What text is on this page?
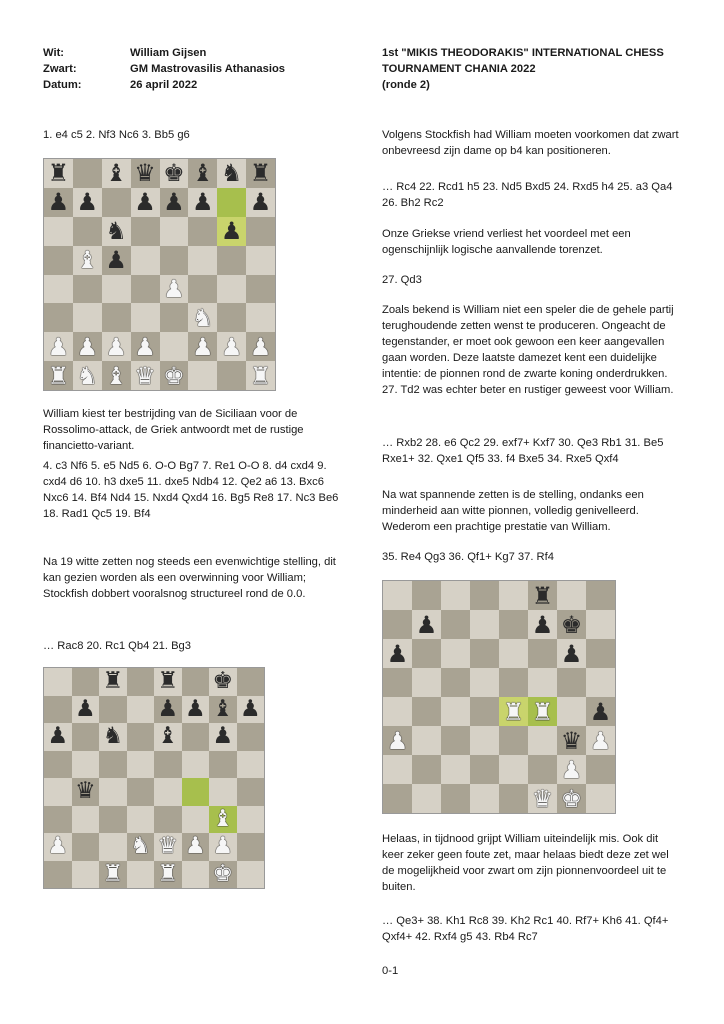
Wit:	William Gijsen
Zwart:	GM Mastrovasilis Athanasios
Datum:	26 april 2022

1. e4 c5 2. Nf3 Nc6 3. Bb5 g6

♜ ♝ ♛ ♚ ♝ ♞ ♜
♟ ♟ ♟ ♟ ♟ ♟
♞	♟
♝ ♟
♟
♞
♟ ♟ ♟ ♟ ♟ ♟ ♟
♜ ♞ ♝ ♛ ♚	♜

William kiest ter bestrijding van de Siciliaan voor de Rossolimo-attack, de Griek antwoordt met de rustige financietto-variant.

4. c3 Nf6 5. e5 Nd5 6. O-O Bg7 7. Re1 O-O 8. d4 cxd4 9. cxd4 d6 10. h3 dxe5 11. dxe5 Ndb4 12. Qe2 a6 13. Bxc6 Nxc6 14. Bf4 Nd4 15. Nxd4 Qxd4 16. Bg5 Re8 17. Nc3 Be6 18. Rad1 Qc5 19. Bf4

Na 19 witte zetten nog steeds een evenwichtige stelling, dit kan gezien worden als een overwinning voor William; Stockfish dobbert vooralsnog structureel rond de 0.0.

… Rac8 20. Rc1 Qb4 21. Bg3

♜ ♜ ♚
♟	♟ ♟ ♝ ♟
♟ ♞ ♝ ♟
♛
♝
♟	♞ ♛ ♟ ♟
♜ ♜ ♚
1st "MIKIS THEODORAKIS" INTERNATIONAL CHESS
TOURNAMENT CHANIA 2022
(ronde 2)

Volgens Stockfish had William moeten voorkomen dat zwart onbevreesd zijn dame op b4 kan positioneren.

… Rc4 22. Rcd1 h5 23. Nd5 Bxd5 24. Rxd5 h4 25. a3 Qa4 26. Bh2 Rc2

Onze Griekse vriend verliest het voordeel met een ogenschijnlijk logische aanvallende torenzet.

27. Qd3

Zoals bekend is William niet een speler die de gehele partij terughoudende zetten wenst te produceren. Ongeacht de tegenstander, er moet ook gewoon een keer aangevallen gaan worden. Deze laatste damezet kent een duidelijke intentie: de pionnen rond de zwarte koning onderdrukken. 27. Td2 was echter beter en rustiger geweest voor William.

… Rxb2 28. e6 Qc2 29. exf7+ Kxf7 30. Qe3 Rb1 31. Be5 Rxe1+ 32. Qxe1 Qf5 33. f4 Bxe5 34. Rxe5 Qxf4

Na wat spannende zetten is de stelling, ondanks een minderheid aan witte pionnen, volledig genivelleerd. Wederom een prachtige prestatie van William.

35. Re4 Qg3 36. Qf1+ Kg7 37. Rf4

♜
♟	♟ ♚
♟	♟
♜ ♜ ♟
♟	♛ ♟
♟
♛ ♚

Helaas, in tijdnood grijpt William uiteindelijk mis. Ook dit keer zeker geen foute zet, maar helaas biedt deze zet wel de mogelijkheid voor zwart om zijn pionnenvoordeel uit te buiten.

… Qe3+ 38. Kh1 Rc8 39. Kh2 Rc1 40. Rf7+ Kh6 41. Qf4+ Qxf4+ 42. Rxf4 g5 43. Rb4 Rc7

0-1
